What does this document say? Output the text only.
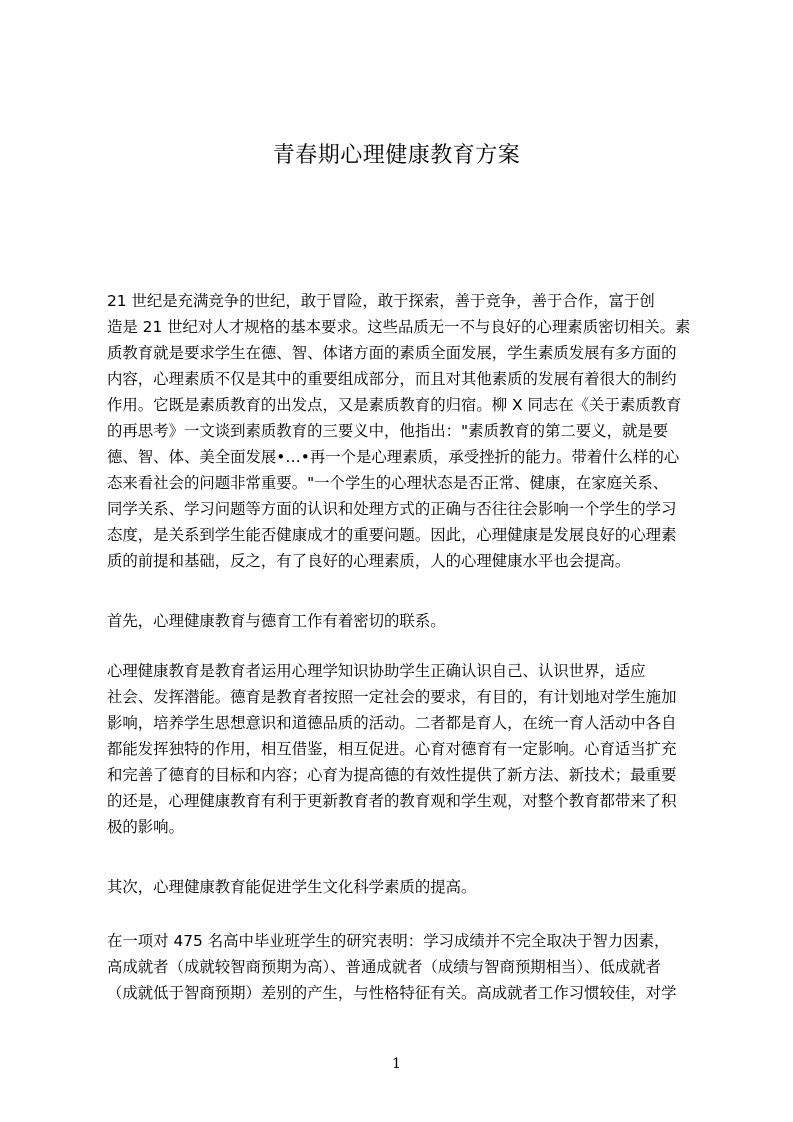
青春期心理健康教育方案
21 世纪是充满竞争的世纪，敢于冒险，敢于探索，善于竞争，善于合作，富于创
造是 21 世纪对人才规格的基本要求。这些品质无一不与良好的心理素质密切相关。素
质教育就是要求学生在德、智、体诸方面的素质全面发展，学生素质发展有多方面的
内容，心理素质不仅是其中的重要组成部分，而且对其他素质的发展有着很大的制约
作用。它既是素质教育的出发点，又是素质教育的归宿。柳 X 同志在《关于素质教育
的再思考》一文谈到素质教育的三要义中，他指出："素质教育的第二要义，就是要
德、智、体、美全面发展•…•再一个是心理素质，承受挫折的能力。带着什么样的心
态来看社会的问题非常重要。"一个学生的心理状态是否正常、健康，在家庭关系、
同学关系、学习问题等方面的认识和处理方式的正确与否往往会影响一个学生的学习
态度，是关系到学生能否健康成才的重要问题。因此，心理健康是发展良好的心理素
质的前提和基础，反之，有了良好的心理素质，人的心理健康水平也会提高。
首先，心理健康教育与德育工作有着密切的联系。
心理健康教育是教育者运用心理学知识协助学生正确认识自己、认识世界，适应
社会、发挥潜能。德育是教育者按照一定社会的要求，有目的，有计划地对学生施加
影响，培养学生思想意识和道德品质的活动。二者都是育人，在统一育人活动中各自
都能发挥独特的作用，相互借鉴，相互促进。心育对德育有一定影响。心育适当扩充
和完善了德育的目标和内容；心育为提高德的有效性提供了新方法、新技术；最重要
的还是，心理健康教育有利于更新教育者的教育观和学生观，对整个教育都带来了积
极的影响。
其次，心理健康教育能促进学生文化科学素质的提高。
在一项对 475 名高中毕业班学生的研究表明：学习成绩并不完全取决于智力因素，
高成就者（成就较智商预期为高）、普通成就者（成绩与智商预期相当）、低成就者
（成就低于智商预期）差别的产生，与性格特征有关。高成就者工作习惯较佳，对学
1
